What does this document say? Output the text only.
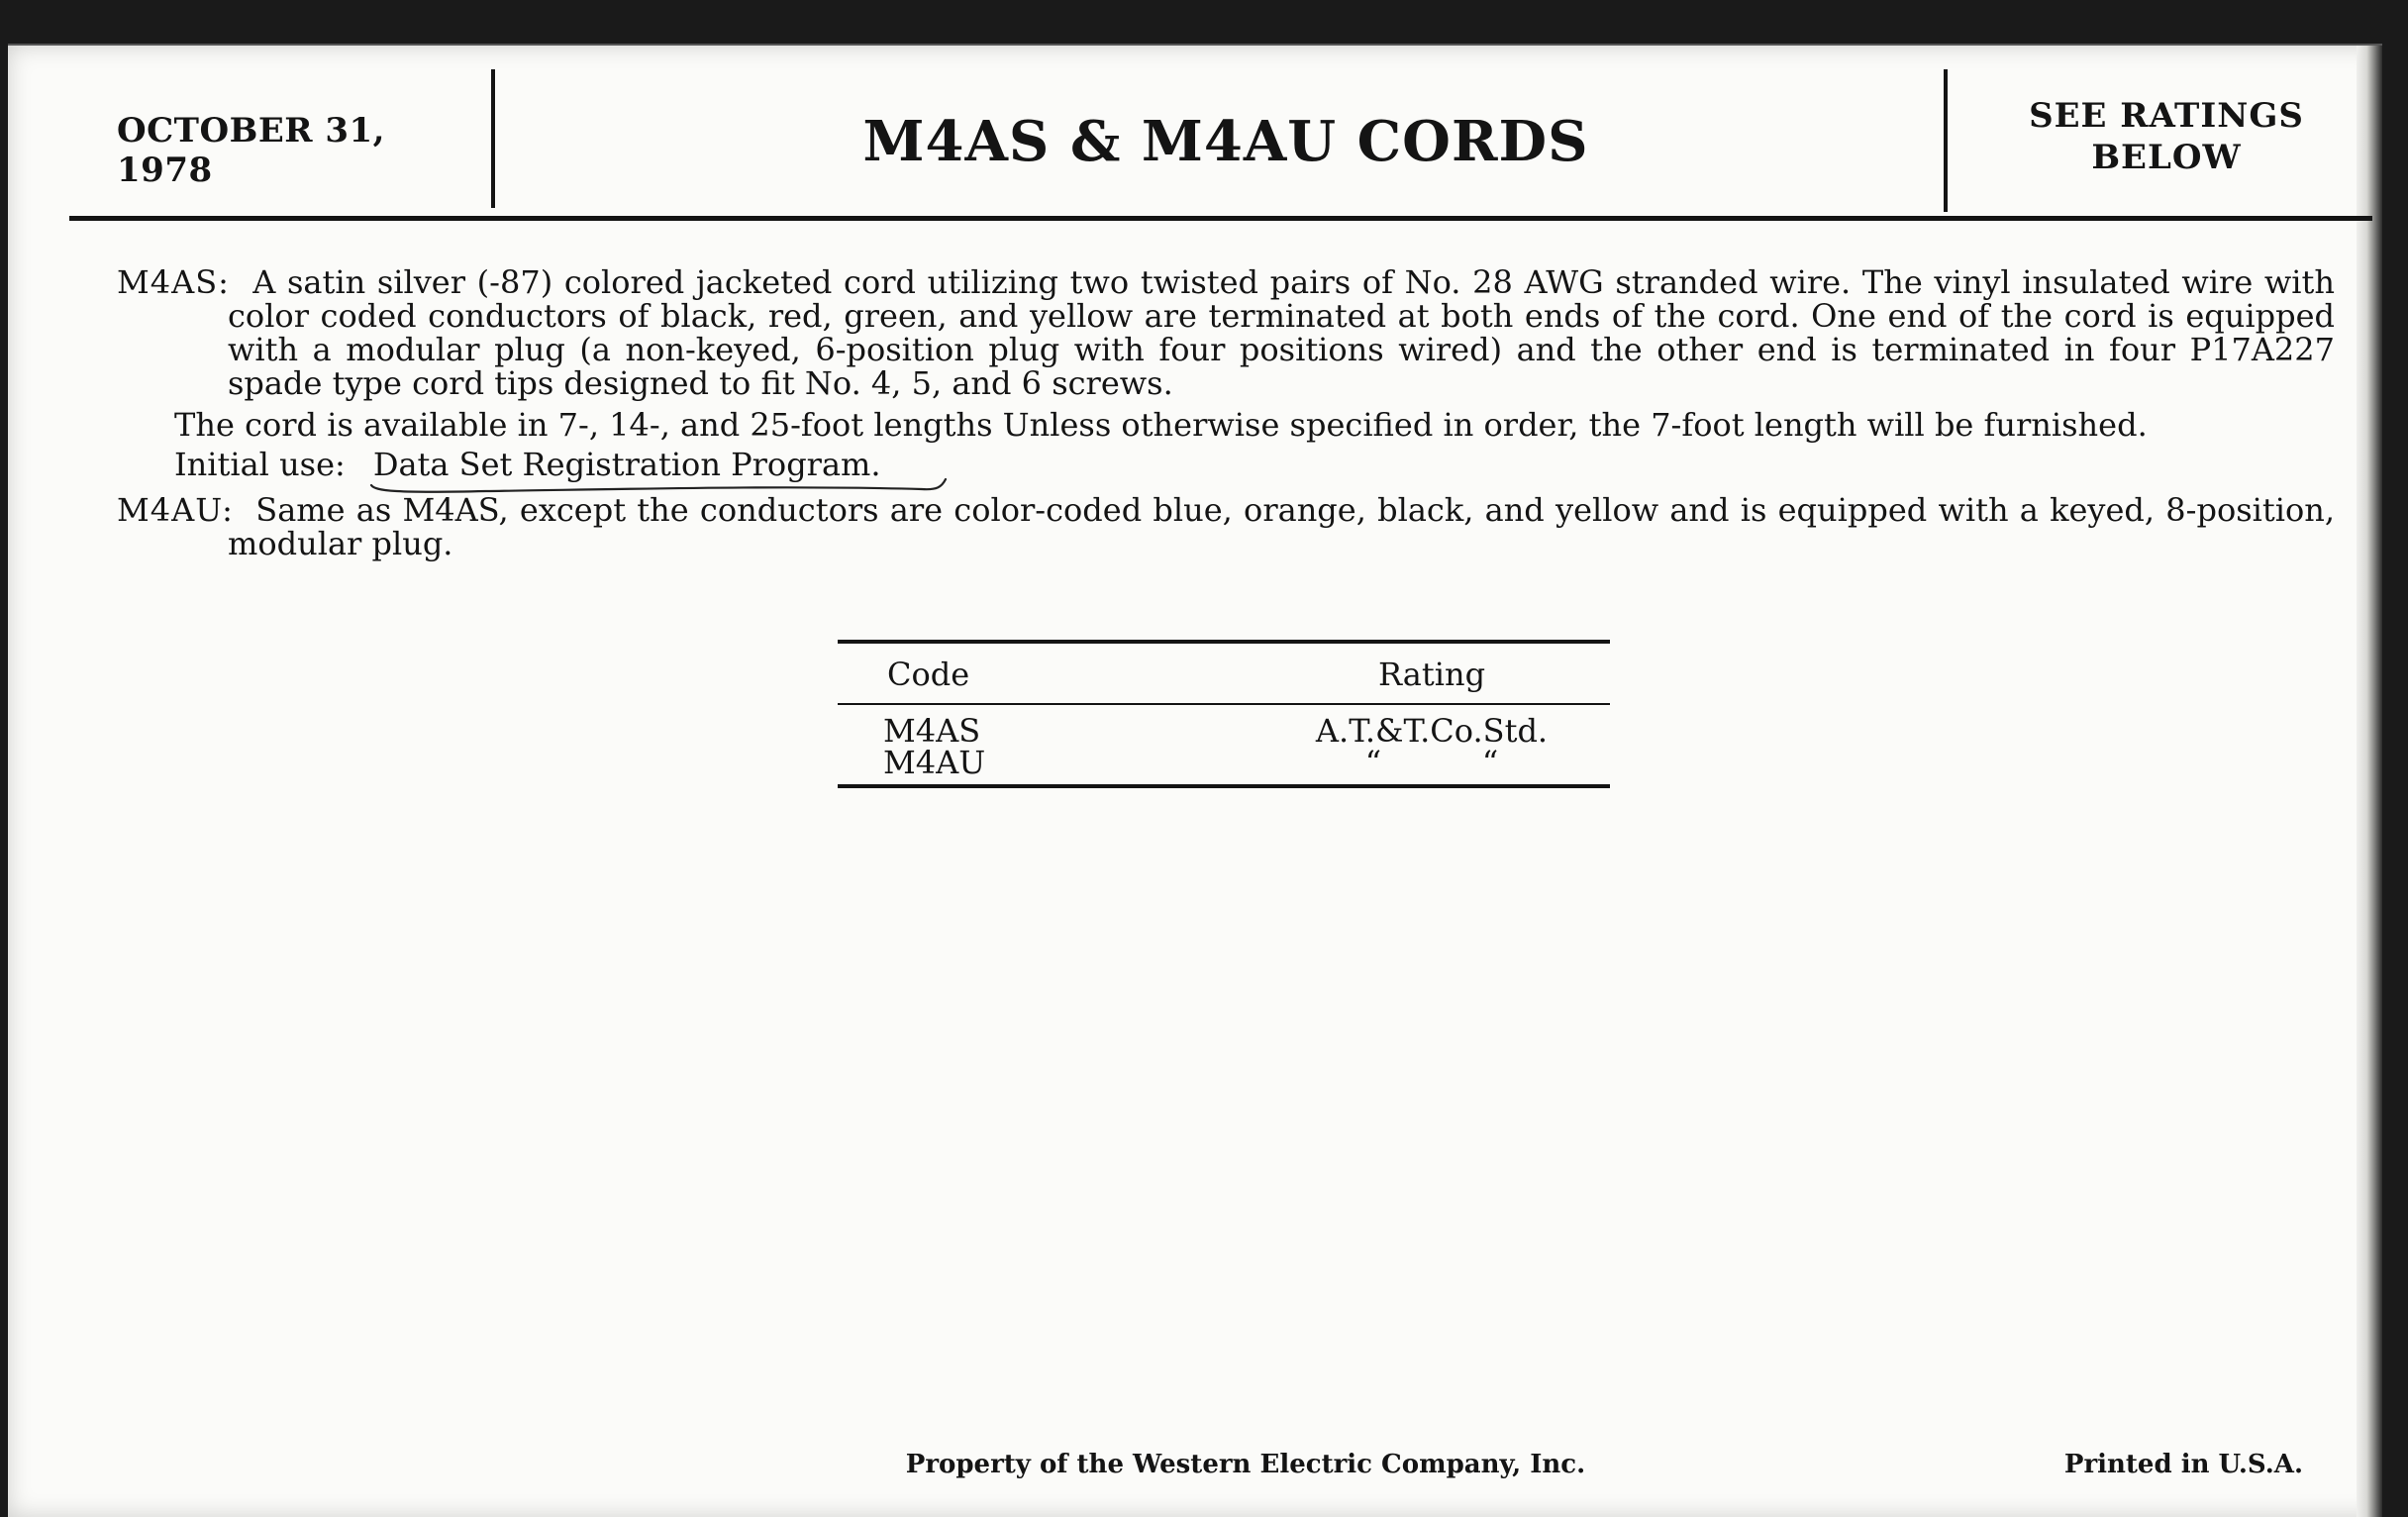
OCTOBER 31, 1978	M4AS & M4AU CORDS	SEE RATINGS
BELOW

M4AS: A satin silver (-87) colored jacketed cord utilizing two twisted pairs of No. 28 AWG stranded wire. The vinyl insulated wire with color coded conductors of black, red, green, and yellow are terminated at both ends of the cord. One end of the cord is equipped with a modular plug (a non-keyed, 6-position plug with four positions wired) and the other end is terminated in four P17A227 spade type cord tips designed to fit No. 4, 5, and 6 screws.

The cord is available in 7-, 14-, and 25-foot lengths Unless otherwise specified in order, the 7-foot length will be furnished.
Initial use: Data Set Registration Program.

M4AU: Same as M4AS, except the conductors are color-coded blue, orange, black, and yellow and is equipped with a keyed, 8-position, modular plug.

Code	Rating
M4AS	A.T.&T.Co.Std.
M4AU	“          “
Property of the Western Electric Company, Inc.	Printed in U.S.A.
